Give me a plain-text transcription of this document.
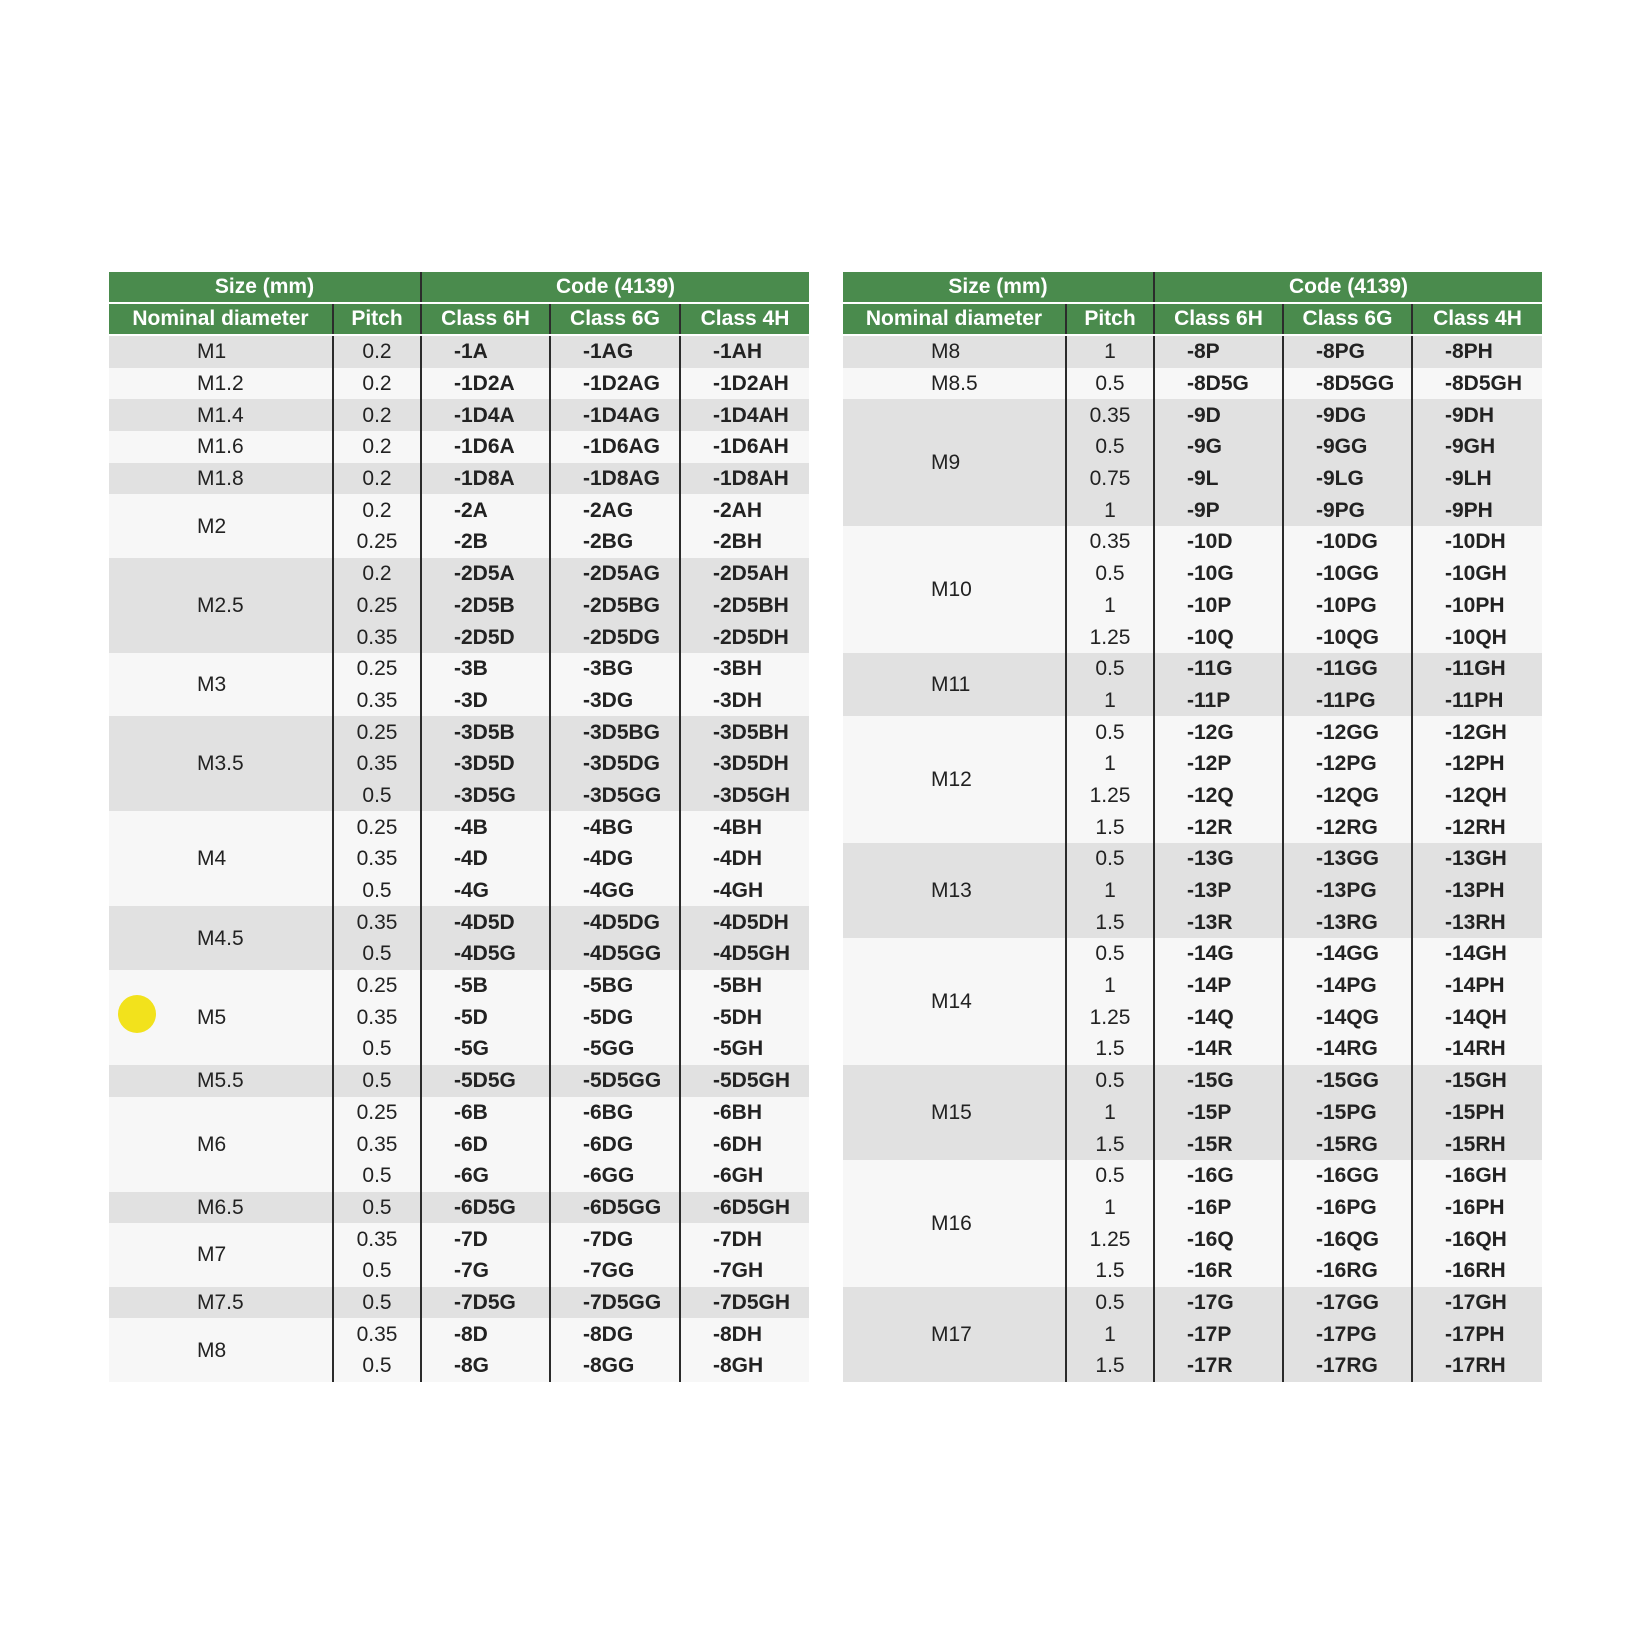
Size (mm)		Code (4139)		
Nominal diameter	Pitch	Class 6H	Class 6G	Class 4H
M1	0.2	-1A	-1AG	-1AH
M1.2	0.2	-1D2A	-1D2AG	-1D2AH
M1.4	0.2	-1D4A	-1D4AG	-1D4AH
M1.6	0.2	-1D6A	-1D6AG	-1D6AH
M1.8	0.2	-1D8A	-1D8AG	-1D8AH
M2	0.2	-2A	-2AG	-2AH
	0.25	-2B	-2BG	-2BH
M2.5	0.2	-2D5A	-2D5AG	-2D5AH
	0.25	-2D5B	-2D5BG	-2D5BH
	0.35	-2D5D	-2D5DG	-2D5DH
M3	0.25	-3B	-3BG	-3BH
	0.35	-3D	-3DG	-3DH
M3.5	0.25	-3D5B	-3D5BG	-3D5BH
	0.35	-3D5D	-3D5DG	-3D5DH
	0.5	-3D5G	-3D5GG	-3D5GH
M4	0.25	-4B	-4BG	-4BH
	0.35	-4D	-4DG	-4DH
	0.5	-4G	-4GG	-4GH
M4.5	0.35	-4D5D	-4D5DG	-4D5DH
	0.5	-4D5G	-4D5GG	-4D5GH
M5	0.25	-5B	-5BG	-5BH
	0.35	-5D	-5DG	-5DH
	0.5	-5G	-5GG	-5GH
M5.5	0.5	-5D5G	-5D5GG	-5D5GH
M6	0.25	-6B	-6BG	-6BH
	0.35	-6D	-6DG	-6DH
	0.5	-6G	-6GG	-6GH
M6.5	0.5	-6D5G	-6D5GG	-6D5GH
M7	0.35	-7D	-7DG	-7DH
	0.5	-7G	-7GG	-7GH
M7.5	0.5	-7D5G	-7D5GG	-7D5GH
M8	0.35	-8D	-8DG	-8DH
	0.5	-8G	-8GG	-8GH
Size (mm)		Code (4139)		
Nominal diameter	Pitch	Class 6H	Class 6G	Class 4H
M8	1	-8P	-8PG	-8PH
M8.5	0.5	-8D5G	-8D5GG	-8D5GH
M9	0.35	-9D	-9DG	-9DH
	0.5	-9G	-9GG	-9GH
	0.75	-9L	-9LG	-9LH
	1	-9P	-9PG	-9PH
M10	0.35	-10D	-10DG	-10DH
	0.5	-10G	-10GG	-10GH
	1	-10P	-10PG	-10PH
	1.25	-10Q	-10QG	-10QH
M11	0.5	-11G	-11GG	-11GH
	1	-11P	-11PG	-11PH
M12	0.5	-12G	-12GG	-12GH
	1	-12P	-12PG	-12PH
	1.25	-12Q	-12QG	-12QH
	1.5	-12R	-12RG	-12RH
M13	0.5	-13G	-13GG	-13GH
	1	-13P	-13PG	-13PH
	1.5	-13R	-13RG	-13RH
M14	0.5	-14G	-14GG	-14GH
	1	-14P	-14PG	-14PH
	1.25	-14Q	-14QG	-14QH
	1.5	-14R	-14RG	-14RH
M15	0.5	-15G	-15GG	-15GH
	1	-15P	-15PG	-15PH
	1.5	-15R	-15RG	-15RH
M16	0.5	-16G	-16GG	-16GH
	1	-16P	-16PG	-16PH
	1.25	-16Q	-16QG	-16QH
	1.5	-16R	-16RG	-16RH
M17	0.5	-17G	-17GG	-17GH
	1	-17P	-17PG	-17PH
	1.5	-17R	-17RG	-17RH
